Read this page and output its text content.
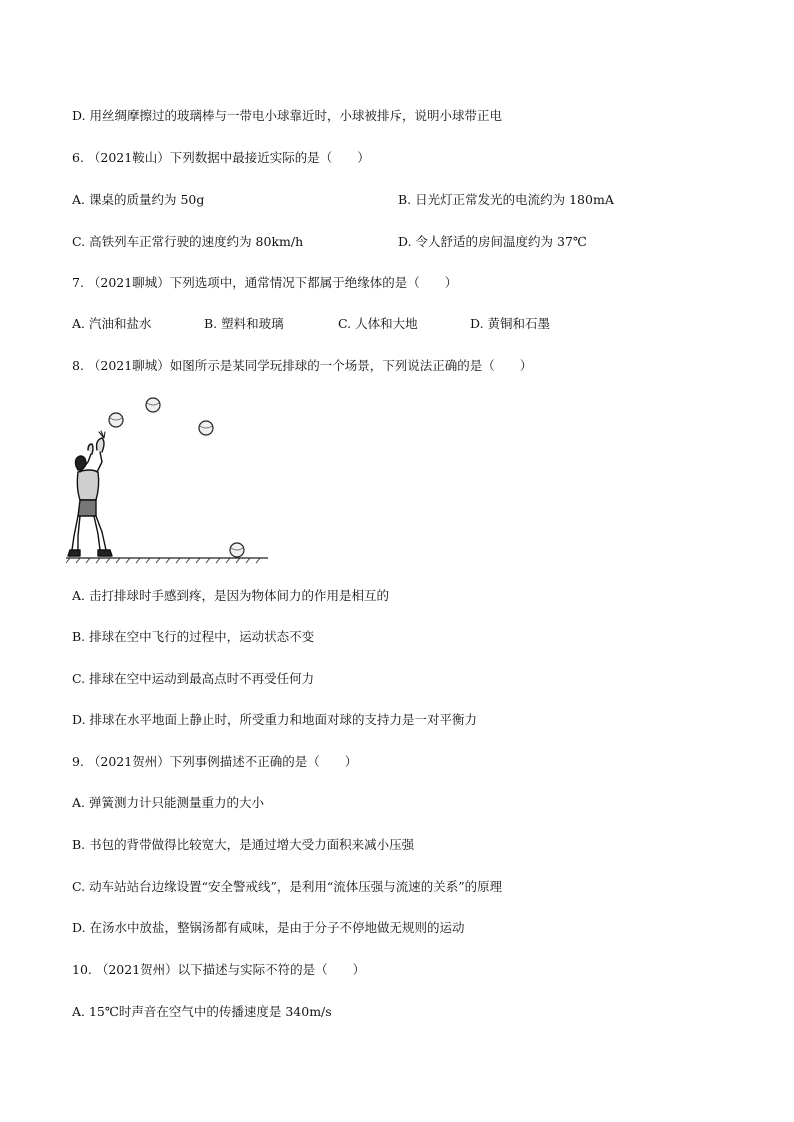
D. 用丝绸摩擦过的玻璃棒与一带电小球靠近时，小球被排斥，说明小球带正电
6. （2021鞍山）下列数据中最接近实际的是（　　）
A. 课桌的质量约为 50g	B. 日光灯正常发光的电流约为 180mA
C. 高铁列车正常行驶的速度约为 80km/h	D. 令人舒适的房间温度约为 37℃
7. （2021聊城）下列选项中，通常情况下都属于绝缘体的是（　　）
A. 汽油和盐水	B. 塑料和玻璃	C. 人体和大地	D. 黄铜和石墨
8. （2021聊城）如图所示是某同学玩排球的一个场景，下列说法正确的是（　　）
A. 击打排球时手感到疼，是因为物体间力的作用是相互的
B. 排球在空中飞行的过程中，运动状态不变
C. 排球在空中运动到最高点时不再受任何力
D. 排球在水平地面上静止时，所受重力和地面对球的支持力是一对平衡力
9. （2021贺州）下列事例描述不正确的是（　　）
A. 弹簧测力计只能测量重力的大小
B. 书包的背带做得比较宽大，是通过增大受力面积来减小压强
C. 动车站站台边缘设置“安全警戒线”，是利用“流体压强与流速的关系”的原理
D. 在汤水中放盐，整锅汤都有咸味，是由于分子不停地做无规则的运动
10. （2021贺州）以下描述与实际不符的是（　　）
A. 15℃时声音在空气中的传播速度是 340m/s
